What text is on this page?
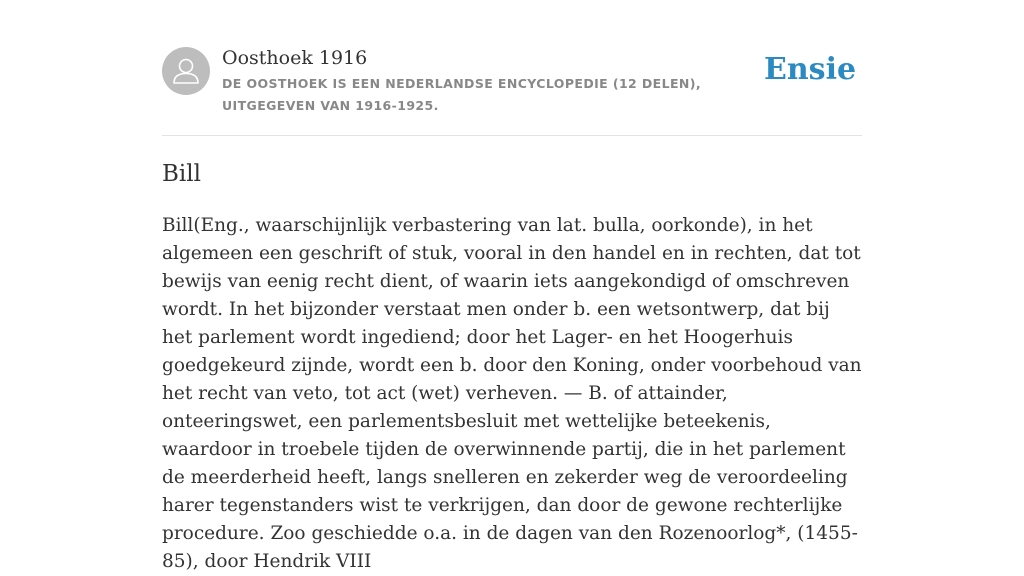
Oosthoek 1916

DE OOSTHOEK IS EEN NEDERLANDSE ENCYCLOPEDIE (12 DELEN), UITGEGEVEN VAN 1916-1925.

Ensie
Bill

Bill(Eng., waarschijnlijk verbastering van lat. bulla, oorkonde), in het algemeen een geschrift of stuk, vooral in den handel en in rechten, dat tot bewijs van eenig recht dient, of waarin iets aangekondigd of omschreven wordt. In het bijzonder verstaat men onder b. een wetsontwerp, dat bij het parlement wordt ingediend; door het Lager- en het Hoogerhuis goedgekeurd zijnde, wordt een b. door den Koning, onder voorbehoud van het recht van veto, tot act (wet) verheven. — B. of attainder, onteeringswet, een parlementsbesluit met wettelijke beteekenis, waardoor in troebele tijden de overwinnende partij, die in het parlement de meerderheid heeft, langs snelleren en zekerder weg de veroordeeling harer tegenstanders wist te verkrijgen, dan door de gewone rechterlijke procedure. Zoo geschiedde o.a. in de dagen van den Rozenoorlog*, (1455-85), door Hendrik VIII
